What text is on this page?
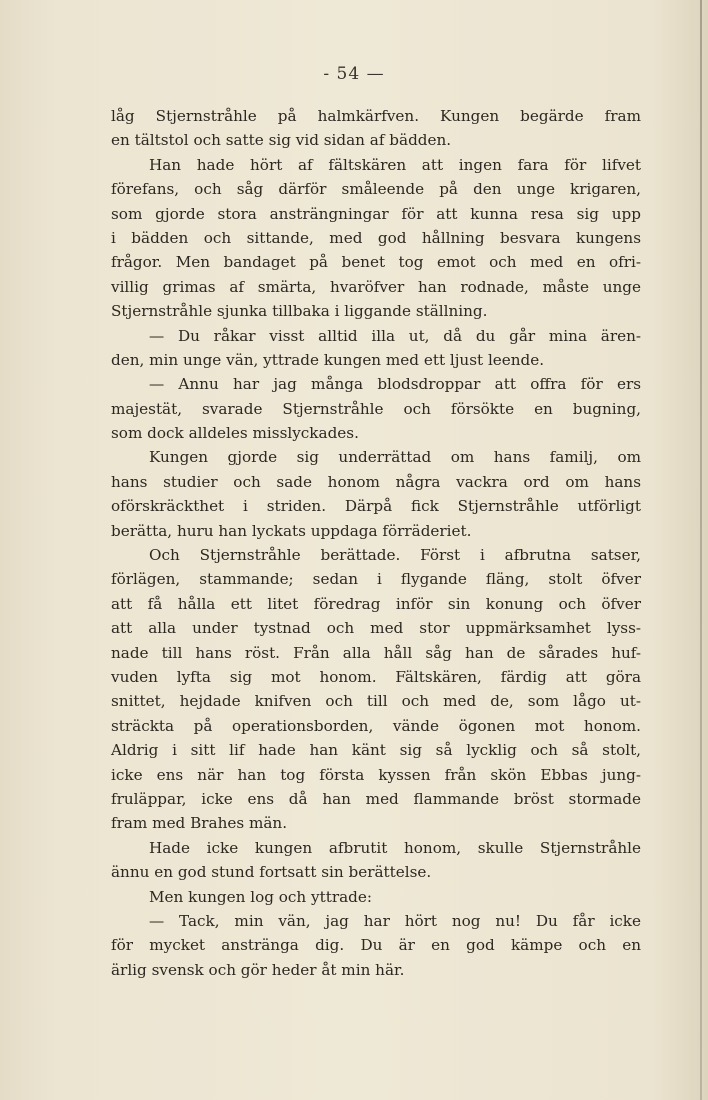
- 54 —
låg Stjernstråhle på halmkärfven. Kungen begärde fram
en tältstol och satte sig vid sidan af bädden.
Han hade hört af fältskären att ingen fara för lifvet
förefans, och såg därför småleende på den unge krigaren,
som gjorde stora ansträngningar för att kunna resa sig upp
i bädden och sittande, med god hållning besvara kungens
frågor. Men bandaget på benet tog emot och med en ofri-
villig grimas af smärta, hvaröfver han rodnade, måste unge
Stjernstråhle sjunka tillbaka i liggande ställning.
— Du råkar visst alltid illa ut, då du går mina ären-
den, min unge vän, yttrade kungen med ett ljust leende.
— Annu har jag många blodsdroppar att offra för ers
majestät, svarade Stjernstråhle och försökte en bugning,
som dock alldeles misslyckades.
Kungen gjorde sig underrättad om hans familj, om
hans studier och sade honom några vackra ord om hans
oförskräckthet i striden. Därpå fick Stjernstråhle utförligt
berätta, huru han lyckats uppdaga förräderiet.
Och Stjernstråhle berättade. Först i afbrutna satser,
förlägen, stammande; sedan i flygande fläng, stolt öfver
att få hålla ett litet föredrag inför sin konung och öfver
att alla under tystnad och med stor uppmärksamhet lyss-
nade till hans röst. Från alla håll såg han de sårades huf-
vuden lyfta sig mot honom. Fältskären, färdig att göra
snittet, hejdade knifven och till och med de, som lågo ut-
sträckta på operationsborden, vände ögonen mot honom.
Aldrig i sitt lif hade han känt sig så lycklig och så stolt,
icke ens när han tog första kyssen från skön Ebbas jung-
fruläppar, icke ens då han med flammande bröst stormade
fram med Brahes män.
Hade icke kungen afbrutit honom, skulle Stjernstråhle
ännu en god stund fortsatt sin berättelse.
Men kungen log och yttrade:
— Tack, min vän, jag har hört nog nu! Du får icke
för mycket anstränga dig. Du är en god kämpe och en
ärlig svensk och gör heder åt min här.
